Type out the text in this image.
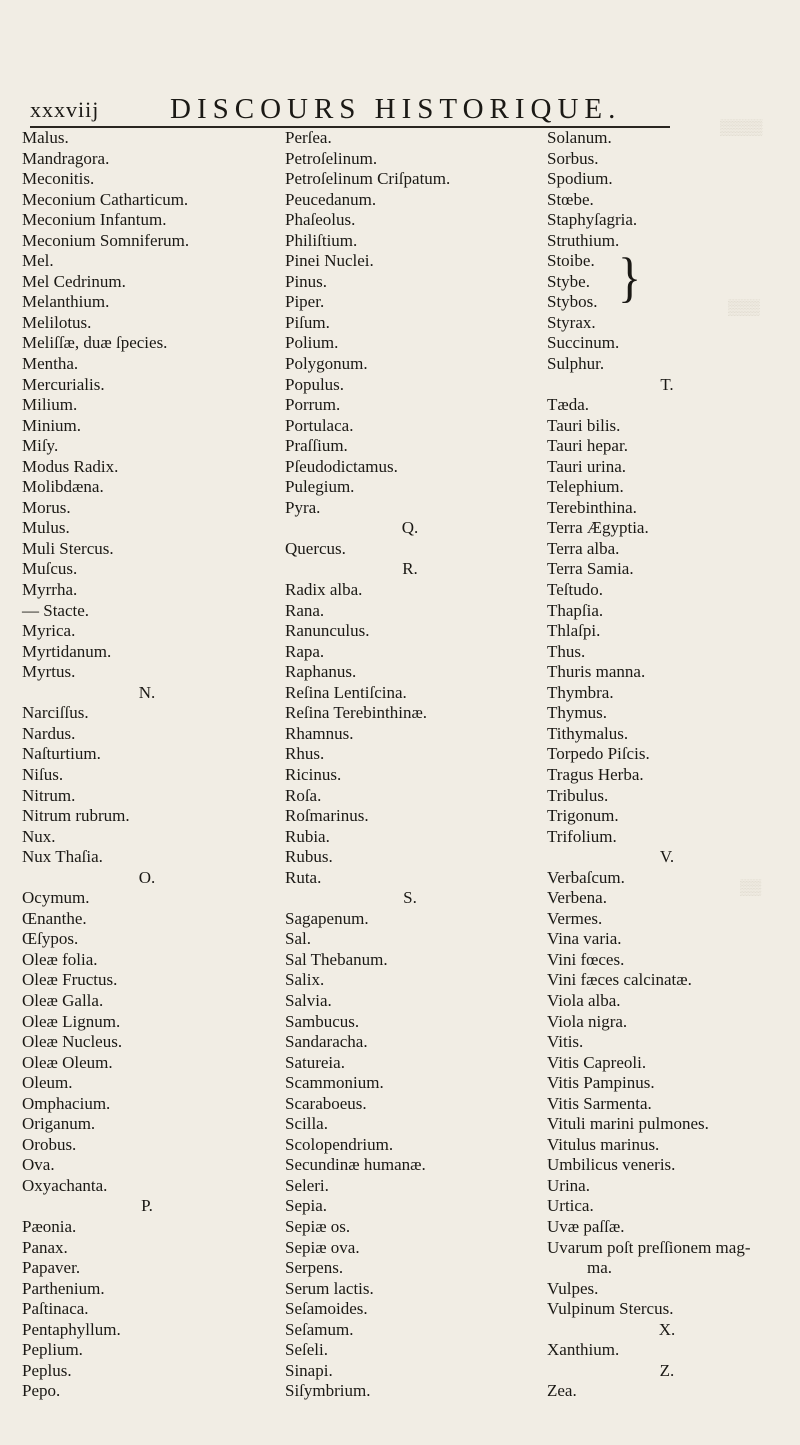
xxxviij DISCOURS HISTORIQUE.
▒▒▒▒
▒▒▒
▒▒
Malus.
Mandragora.
Meconitis.
Meconium Catharticum.
Meconium Infantum.
Meconium Somniferum.
Mel.
Mel Cedrinum.
Melanthium.
Melilotus.
Meliſſæ, duæ ſpecies.
Mentha.
Mercurialis.
Milium.
Minium.
Miſy.
Modus Radix.
Molibdæna.
Morus.
Mulus.
Muli Stercus.
Muſcus.
Myrrha.
— Stacte.
Myrica.
Myrtidanum.
Myrtus.
N.
Narciſſus.
Nardus.
Naſturtium.
Niſus.
Nitrum.
Nitrum rubrum.
Nux.
Nux Thaſia.
O.
Ocymum.
Œnanthe.
Œſypos.
Oleæ folia.
Oleæ Fructus.
Oleæ Galla.
Oleæ Lignum.
Oleæ Nucleus.
Oleæ Oleum.
Oleum.
Omphacium.
Origanum.
Orobus.
Ova.
Oxyachanta.
P.
Pæonia.
Panax.
Papaver.
Parthenium.
Paſtinaca.
Pentaphyllum.
Peplium.
Peplus.
Pepo.
Perſea.
Petroſelinum.
Petroſelinum Criſpatum.
Peucedanum.
Phaſeolus.
Philiſtium.
Pinei Nuclei.
Pinus.
Piper.
Piſum.
Polium.
Polygonum.
Populus.
Porrum.
Portulaca.
Praſſium.
Pſeudodictamus.
Pulegium.
Pyra.
Q.
Quercus.
R.
Radix alba.
Rana.
Ranunculus.
Rapa.
Raphanus.
Reſina Lentiſcina.
Reſina Terebinthinæ.
Rhamnus.
Rhus.
Ricinus.
Roſa.
Roſmarinus.
Rubia.
Rubus.
Ruta.
S.
Sagapenum.
Sal.
Sal Thebanum.
Salix.
Salvia.
Sambucus.
Sandaracha.
Satureia.
Scammonium.
Scaraboeus.
Scilla.
Scolopendrium.
Secundinæ humanæ.
Seleri.
Sepia.
Sepiæ os.
Sepiæ ova.
Serpens.
Serum lactis.
Seſamoides.
Seſamum.
Seſeli.
Sinapi.
Siſymbrium.
Solanum.
Sorbus.
Spodium.
Stœbe.
Staphyſagria.
Struthium.
Stoibe.
Stybe.
Stybos.
Styrax.
Succinum.
Sulphur.
T.
Tæda.
Tauri bilis.
Tauri hepar.
Tauri urina.
Telephium.
Terebinthina.
Terra Ægyptia.
Terra alba.
Terra Samia.
Teſtudo.
Thapſia.
Thlaſpi.
Thus.
Thuris manna.
Thymbra.
Thymus.
Tithymalus.
Torpedo Piſcis.
Tragus Herba.
Tribulus.
Trigonum.
Trifolium.
V.
Verbaſcum.
Verbena.
Vermes.
Vina varia.
Vini fœces.
Vini fæces calcinatæ.
Viola alba.
Viola nigra.
Vitis.
Vitis Capreoli.
Vitis Pampinus.
Vitis Sarmenta.
Vituli marini pulmones.
Vitulus marinus.
Umbilicus veneris.
Urina.
Urtica.
Uvæ paſſæ.
Uvarum poſt preſſionem mag-
ma.
Vulpes.
Vulpinum Stercus.
X.
Xanthium.
Z.
Zea.
}
